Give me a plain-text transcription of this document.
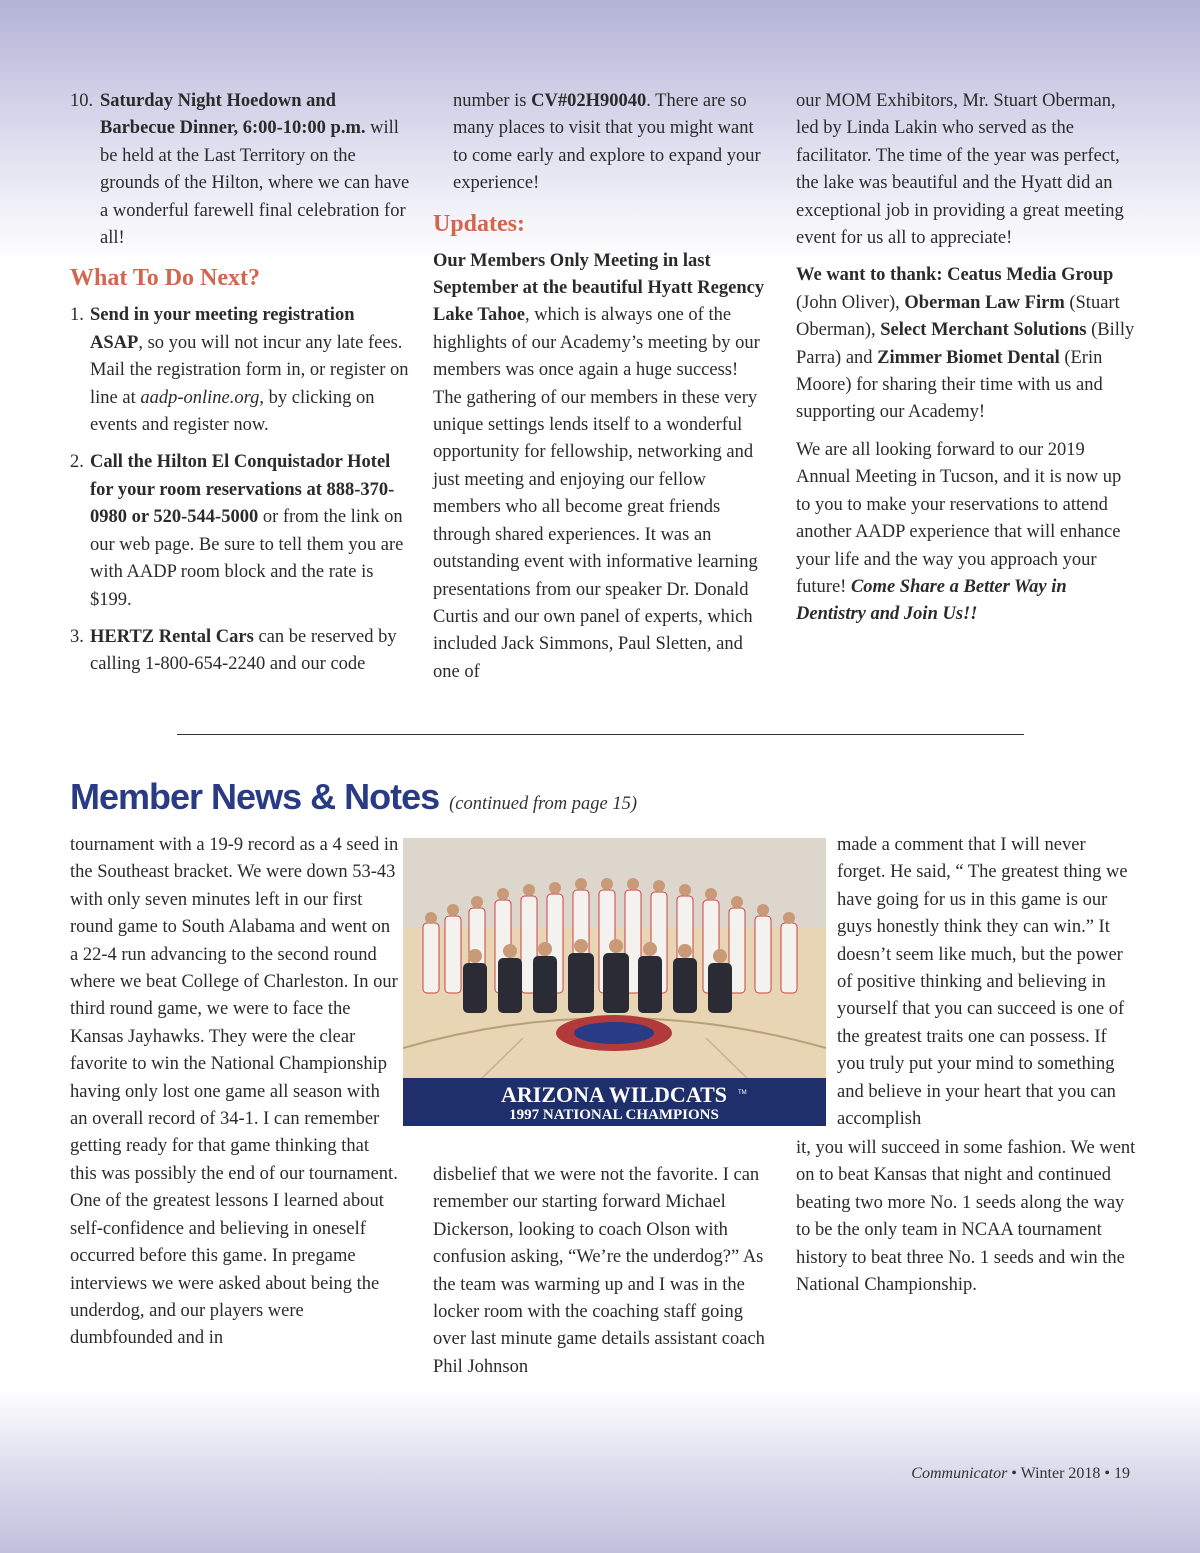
10. Saturday Night Hoedown and Barbecue Dinner, 6:00-10:00 p.m. will be held at the Last Territory on the grounds of the Hilton, where we can have a wonderful farewell final celebration for all!
What To Do Next?
1. Send in your meeting registration ASAP, so you will not incur any late fees. Mail the registration form in, or register on line at aadp-online.org, by clicking on events and register now.
2. Call the Hilton El Conquistador Hotel for your room reservations at 888-370-0980 or 520-544-5000 or from the link on our web page. Be sure to tell them you are with AADP room block and the rate is $199.
3. HERTZ Rental Cars can be reserved by calling 1-800-654-2240 and our code

number is CV#02H90040. There are so many places to visit that you might want to come early and explore to expand your experience!

Updates:

Our Members Only Meeting in last September at the beautiful Hyatt Regency Lake Tahoe, which is always one of the highlights of our Academy’s meeting by our members was once again a huge success! The gathering of our members in these very unique settings lends itself to a wonderful opportunity for fellowship, networking and just meeting and enjoying our fellow members who all become great friends through shared experiences. It was an outstanding event with informative learning presentations from our speaker Dr. Donald Curtis and our own panel of experts, which included Jack Simmons, Paul Sletten, and one of

our MOM Exhibitors, Mr. Stuart Oberman, led by Linda Lakin who served as the facilitator. The time of the year was perfect, the lake was beautiful and the Hyatt did an exceptional job in providing a great meeting event for us all to appreciate!

We want to thank: Ceatus Media Group (John Oliver), Oberman Law Firm (Stuart Oberman), Select Merchant Solutions (Billy Parra) and Zimmer Biomet Dental (Erin Moore) for sharing their time with us and supporting our Academy!

We are all looking forward to our 2019 Annual Meeting in Tucson, and it is now up to you to make your reservations to attend another AADP experience that will enhance your life and the way you approach your future! Come Share a Better Way in Dentistry and Join Us!!

Member News & Notes (continued from page 15)

tournament with a 19-9 record as a 4 seed in the Southeast bracket. We were down 53-43 with only seven minutes left in our first round game to South Alabama and went on a 22-4 run advancing to the second round where we beat College of Charleston. In our third round game, we were to face the Kansas Jayhawks. They were the clear favorite to win the National Championship having only lost one game all season with an overall record of 34-1. I can remember getting ready for that game thinking that this was possibly the end of our tournament. One of the greatest lessons I learned about self-confidence and believing in oneself occurred before this game. In pregame interviews we were asked about being the underdog, and our players were dumbfounded and in

ARIZONA WILDCATS TM
1997 NATIONAL CHAMPIONS

disbelief that we were not the favorite. I can remember our starting forward Michael Dickerson, looking to coach Olson with confusion asking, “We’re the underdog?” As the team was warming up and I was in the locker room with the coaching staff going over last minute game details assistant coach Phil Johnson

made a comment that I will never forget. He said, “ The greatest thing we have going for us in this game is our guys honestly think they can win.” It doesn’t seem like much, but the power of positive thinking and believing in yourself that you can succeed is one of the greatest traits one can possess. If you truly put your mind to something and believe in your heart that you can accomplish

it, you will succeed in some fashion. We went on to beat Kansas that night and continued beating two more No. 1 seeds along the way to be the only team in NCAA tournament history to beat three No. 1 seeds and win the National Championship.

Communicator • Winter 2018 • 19
